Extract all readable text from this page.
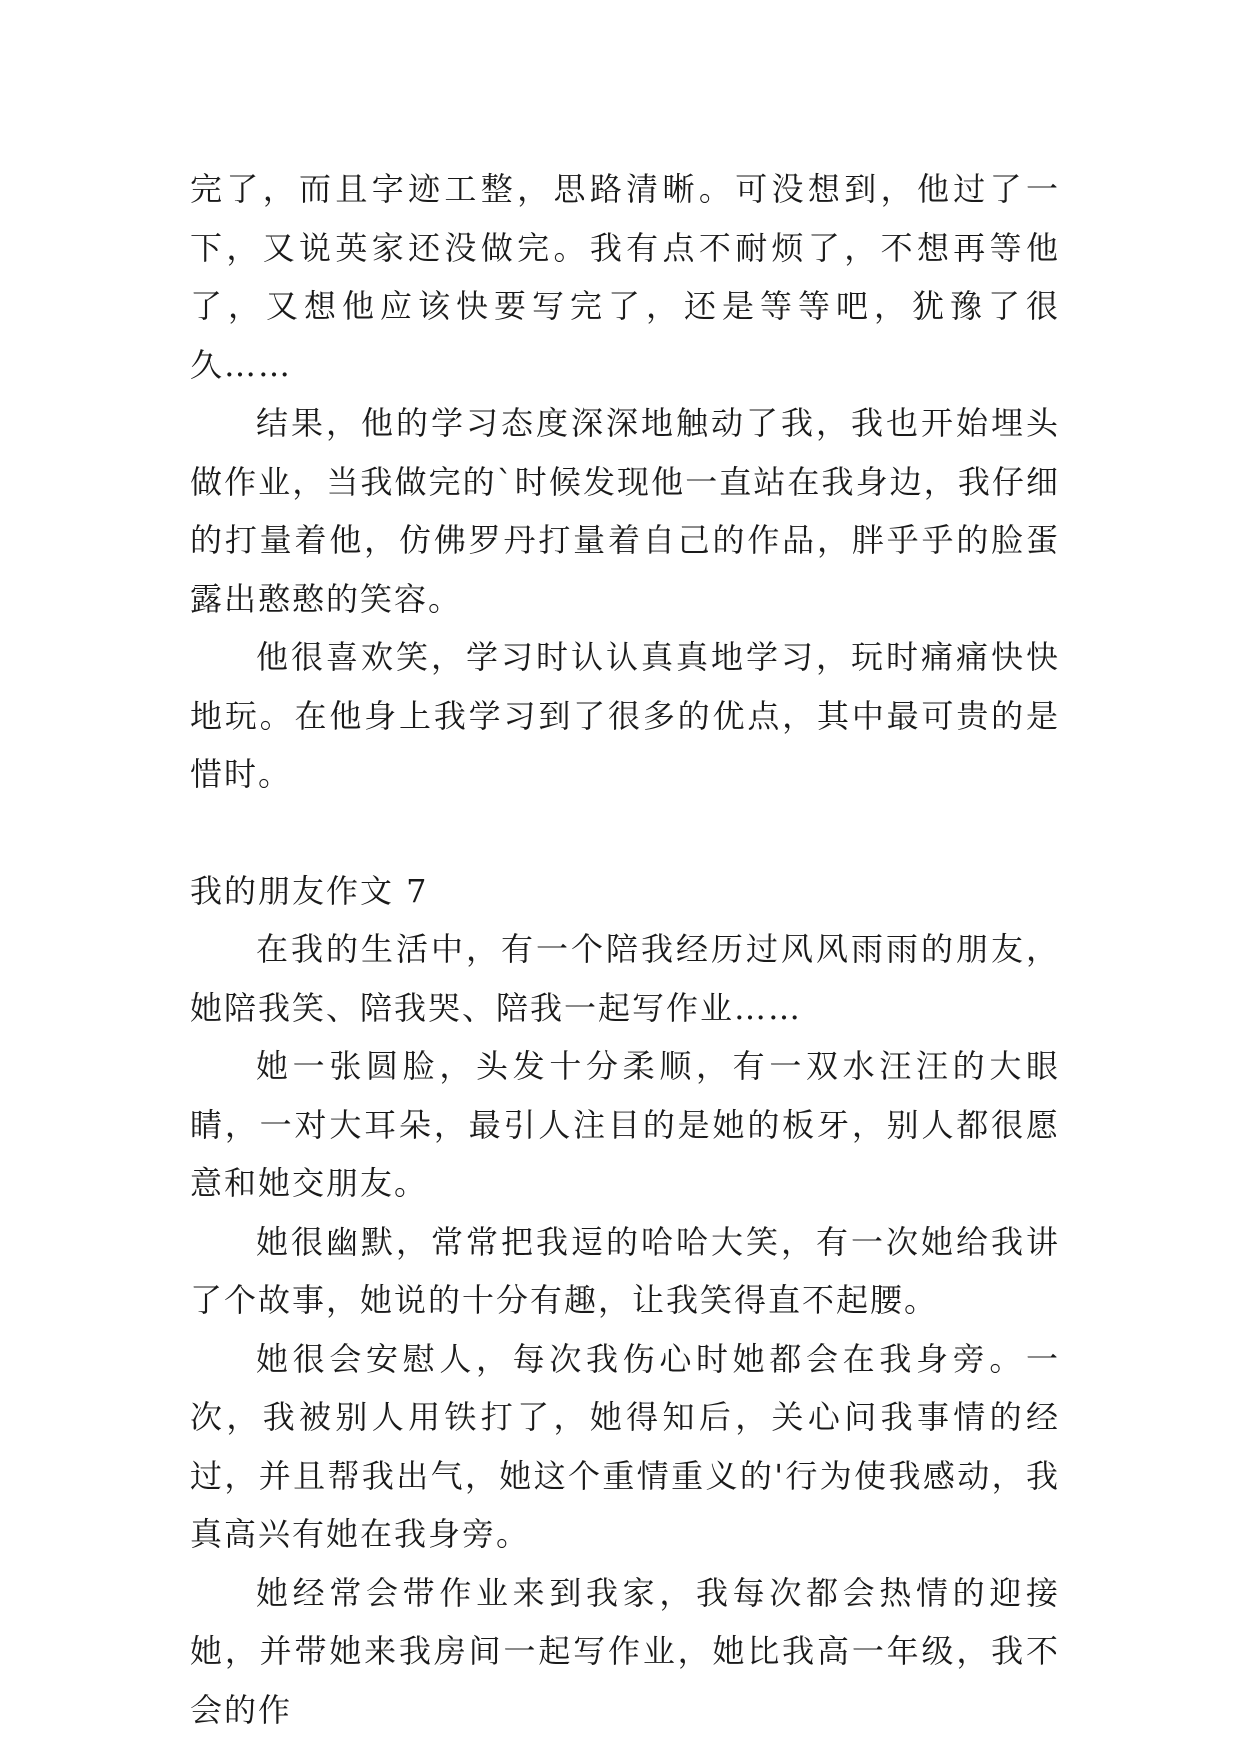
完了，而且字迹工整，思路清晰。可没想到，他过了一下，又说英家还没做完。我有点不耐烦了，不想再等他了，又想他应该快要写完了，还是等等吧，犹豫了很久……

结果，他的学习态度深深地触动了我，我也开始埋头做作业，当我做完的`时候发现他一直站在我身边，我仔细的打量着他，仿佛罗丹打量着自己的作品，胖乎乎的脸蛋露出憨憨的笑容。

他很喜欢笑，学习时认认真真地学习，玩时痛痛快快地玩。在他身上我学习到了很多的优点，其中最可贵的是惜时。

我的朋友作文 7

在我的生活中，有一个陪我经历过风风雨雨的朋友，她陪我笑、陪我哭、陪我一起写作业……

她一张圆脸，头发十分柔顺，有一双水汪汪的大眼睛，一对大耳朵，最引人注目的是她的板牙，别人都很愿意和她交朋友。

她很幽默，常常把我逗的哈哈大笑，有一次她给我讲了个故事，她说的十分有趣，让我笑得直不起腰。

她很会安慰人，每次我伤心时她都会在我身旁。一次，我被别人用铁打了，她得知后，关心问我事情的经过，并且帮我出气，她这个重情重义的'行为使我感动，我真高兴有她在我身旁。

她经常会带作业来到我家，我每次都会热情的迎接她，并带她来我房间一起写作业，她比我高一年级，我不会的作
